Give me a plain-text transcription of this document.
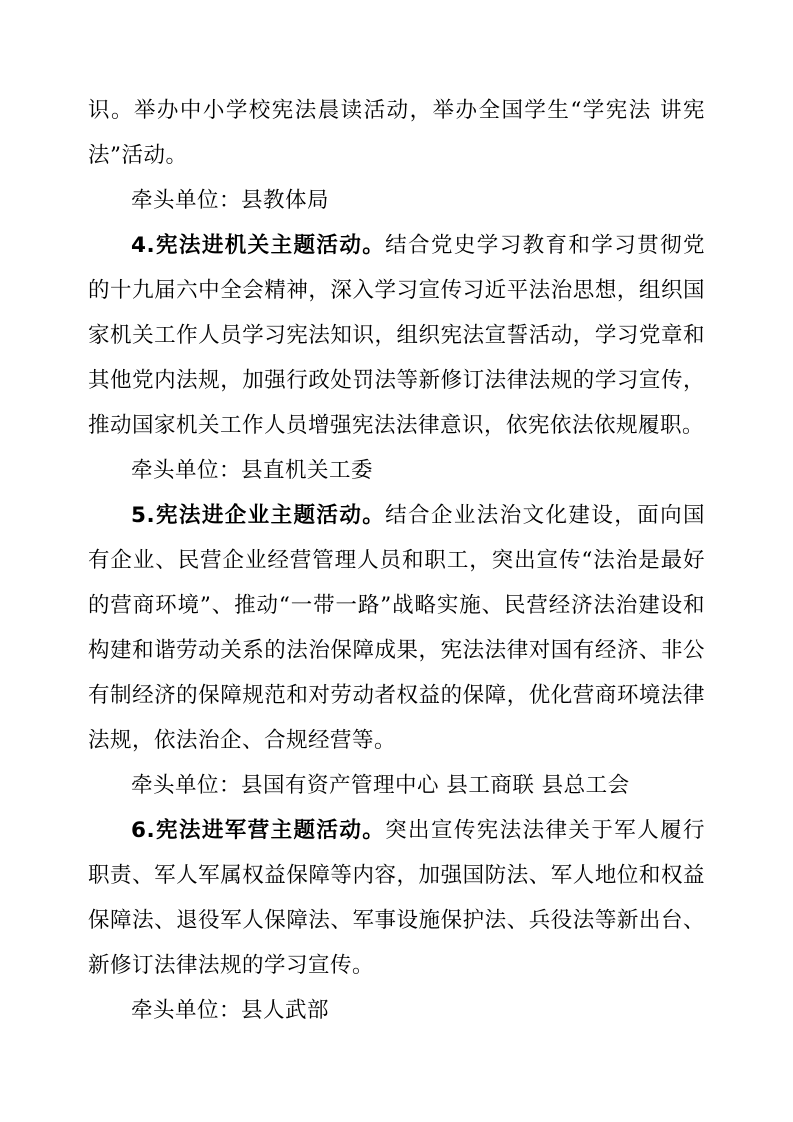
识。举办中小学校宪法晨读活动，举办全国学生“学宪法 讲宪法”活动。

牵头单位：县教体局

4.宪法进机关主题活动。结合党史学习教育和学习贯彻党的十九届六中全会精神，深入学习宣传习近平法治思想，组织国家机关工作人员学习宪法知识，组织宪法宣誓活动，学习党章和其他党内法规，加强行政处罚法等新修订法律法规的学习宣传，推动国家机关工作人员增强宪法法律意识，依宪依法依规履职。

牵头单位：县直机关工委

5.宪法进企业主题活动。结合企业法治文化建设，面向国有企业、民营企业经营管理人员和职工，突出宣传“法治是最好的营商环境”、推动“一带一路”战略实施、民营经济法治建设和构建和谐劳动关系的法治保障成果，宪法法律对国有经济、非公有制经济的保障规范和对劳动者权益的保障，优化营商环境法律法规，依法治企、合规经营等。

牵头单位：县国有资产管理中心 县工商联 县总工会

6.宪法进军营主题活动。突出宣传宪法法律关于军人履行职责、军人军属权益保障等内容，加强国防法、军人地位和权益保障法、退役军人保障法、军事设施保护法、兵役法等新出台、新修订法律法规的学习宣传。

牵头单位：县人武部
